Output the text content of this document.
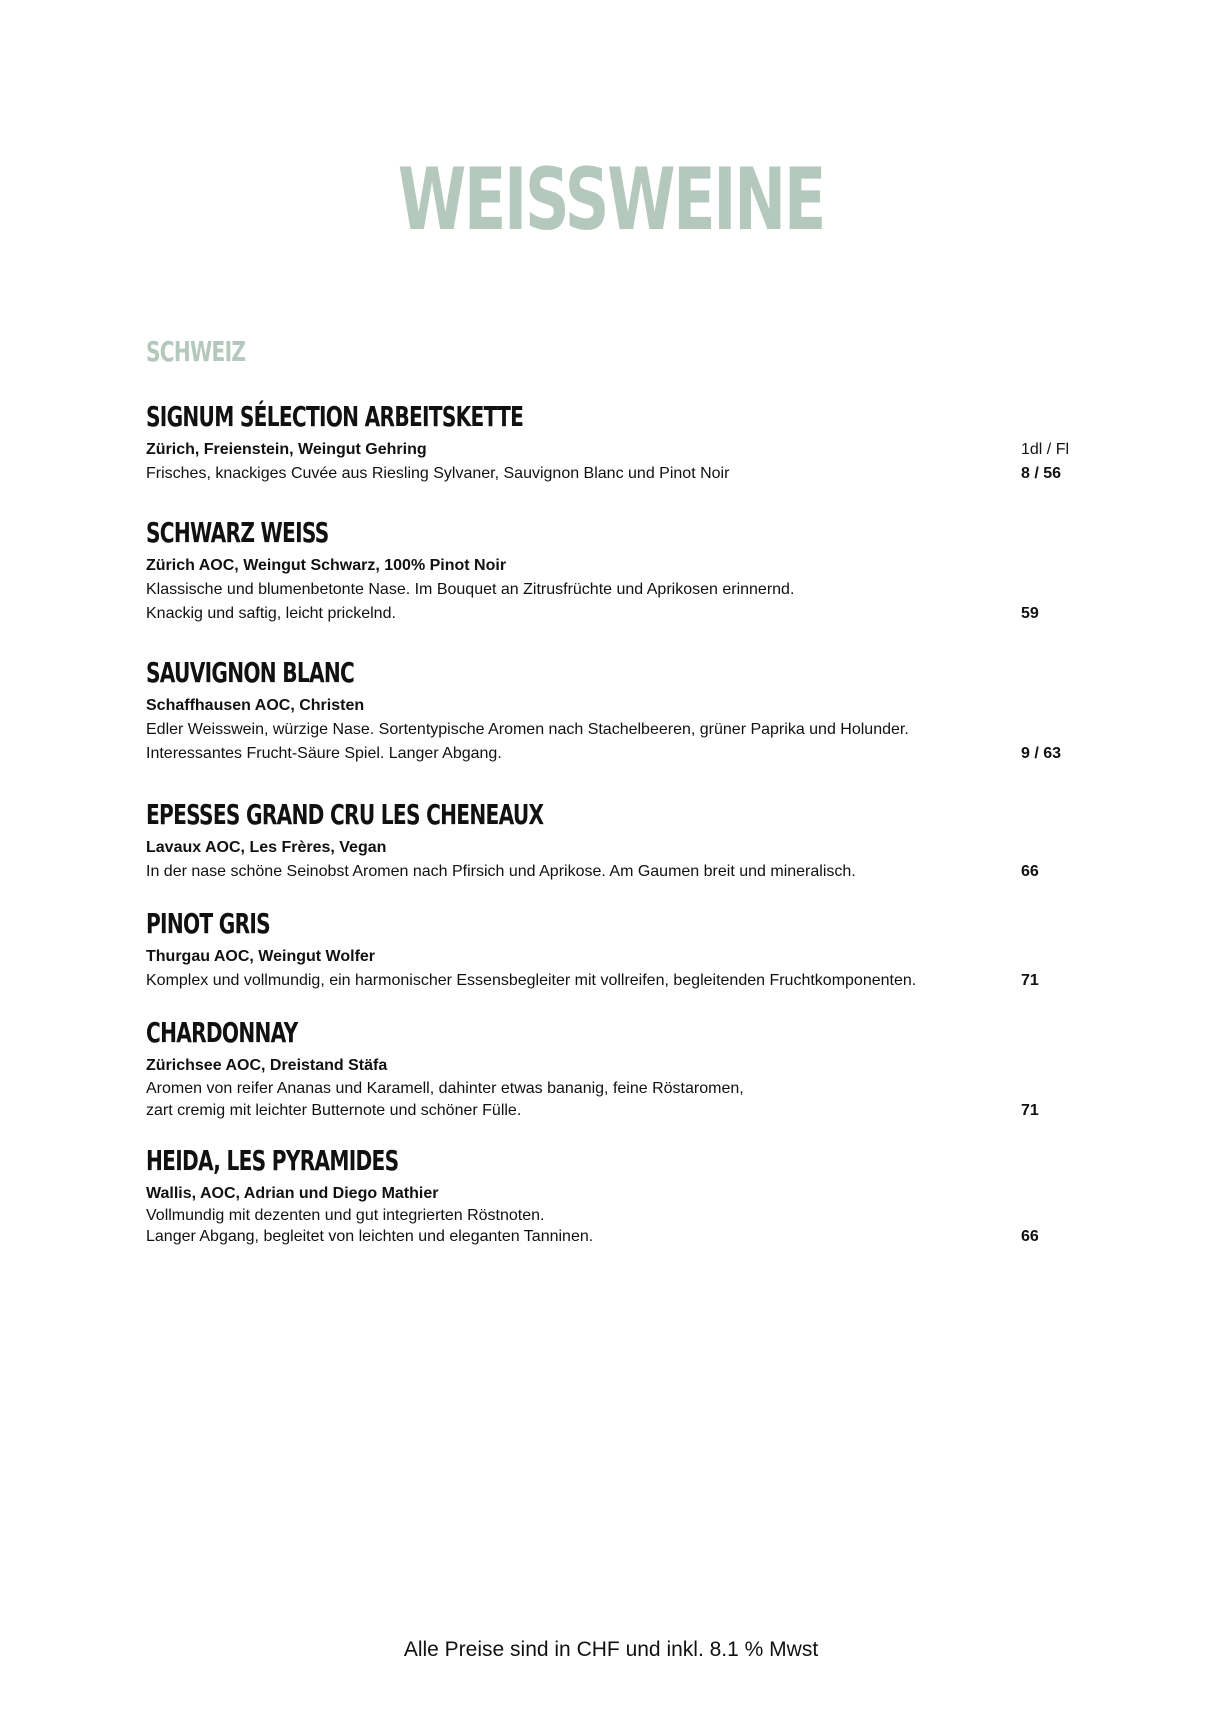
WEISSWEINE
SCHWEIZ
SIGNUM SÉLECTION ARBEITSKETTE
Zürich, Freienstein, Weingut Gehring	1dl / Fl
Frisches, knackiges Cuvée aus Riesling Sylvaner, Sauvignon Blanc und Pinot Noir	8 / 56
SCHWARZ WEISS
Zürich AOC, Weingut Schwarz, 100% Pinot Noir
Klassische und blumenbetonte Nase. Im Bouquet an Zitrusfrüchte und Aprikosen erinnernd.
Knackig und saftig, leicht prickelnd.	59
SAUVIGNON BLANC
Schaffhausen AOC, Christen
Edler Weisswein, würzige Nase. Sortentypische Aromen nach Stachelbeeren, grüner Paprika und Holunder.
Interessantes Frucht-Säure Spiel. Langer Abgang.	9 / 63
EPESSES GRAND CRU LES CHENEAUX
Lavaux AOC, Les Frères, Vegan
In der nase schöne Seinobst Aromen nach Pfirsich und Aprikose. Am Gaumen breit und mineralisch.	66
PINOT GRIS
Thurgau AOC, Weingut Wolfer
Komplex und vollmundig, ein harmonischer Essensbegleiter mit vollreifen, begleitenden Fruchtkomponenten.	71
CHARDONNAY
Zürichsee AOC, Dreistand Stäfa
Aromen von reifer Ananas und Karamell, dahinter etwas bananig, feine Röstaromen,
zart cremig mit leichter Butternote und schöner Fülle.	71
HEIDA, LES PYRAMIDES
Wallis, AOC, Adrian und Diego Mathier
Vollmundig mit dezenten und gut integrierten Röstnoten.
Langer Abgang, begleitet von leichten und eleganten Tanninen.	66
Alle Preise sind in CHF und inkl. 8.1 % Mwst
